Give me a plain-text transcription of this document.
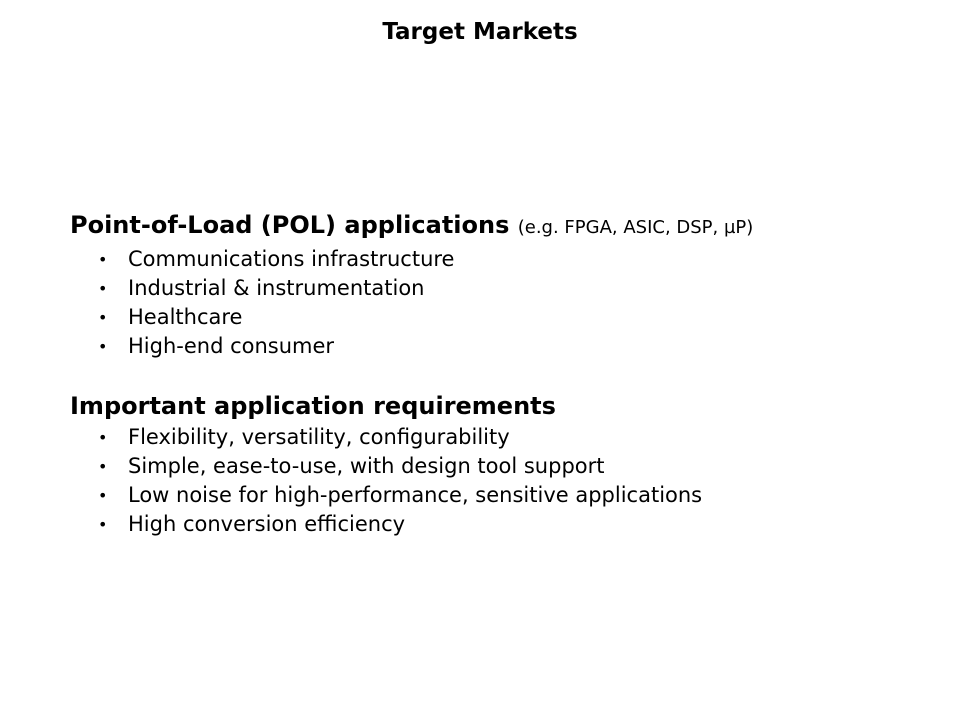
Target Markets
Point-of-Load (POL) applications (e.g. FPGA, ASIC, DSP, µP)
• Communications infrastructure
• Industrial & instrumentation
• Healthcare
• High-end consumer
Important application requirements
• Flexibility, versatility, configurability
• Simple, ease-to-use, with design tool support
• Low noise for high-performance, sensitive applications
• High conversion efficiency
